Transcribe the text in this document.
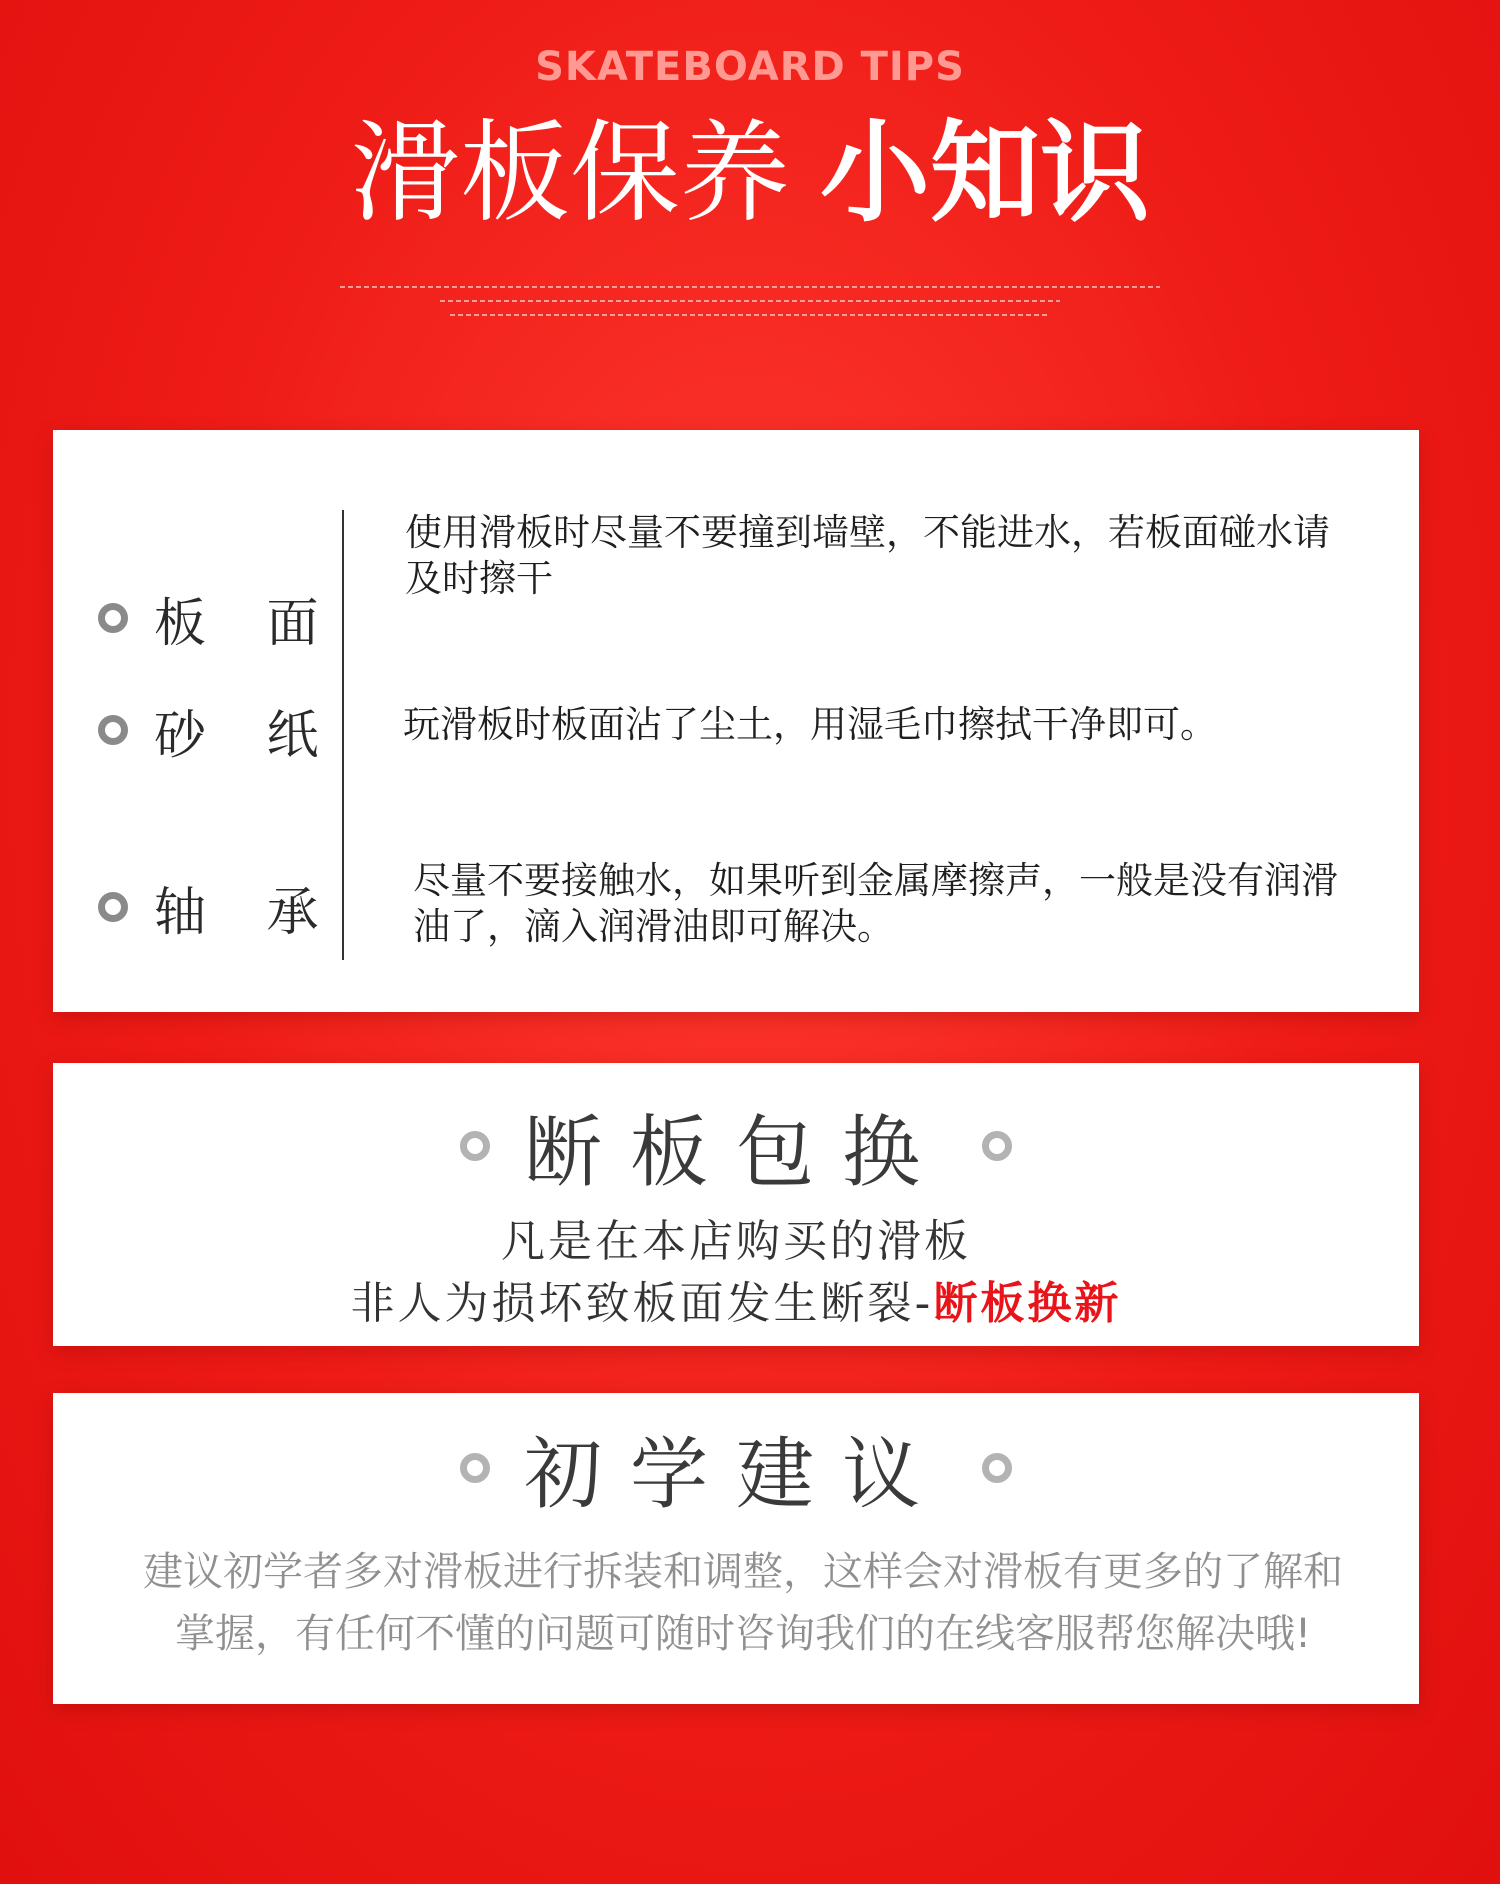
SKATEBOARD TIPS
滑板保养 小知识
板 面
使用滑板时尽量不要撞到墙壁，不能进水，若板面碰水请及时擦干
砂 纸 玩滑板时板面沾了尘土，用湿毛巾擦拭干净即可。
轴 承
尽量不要接触水，如果听到金属摩擦声，一般是没有润滑油了，滴入润滑油即可解决。
断板包换
凡是在本店购买的滑板
非人为损坏致板面发生断裂-断板换新
初学建议
建议初学者多对滑板进行拆装和调整，这样会对滑板有更多的了解和掌握，有任何不懂的问题可随时咨询我们的在线客服帮您解决哦!
